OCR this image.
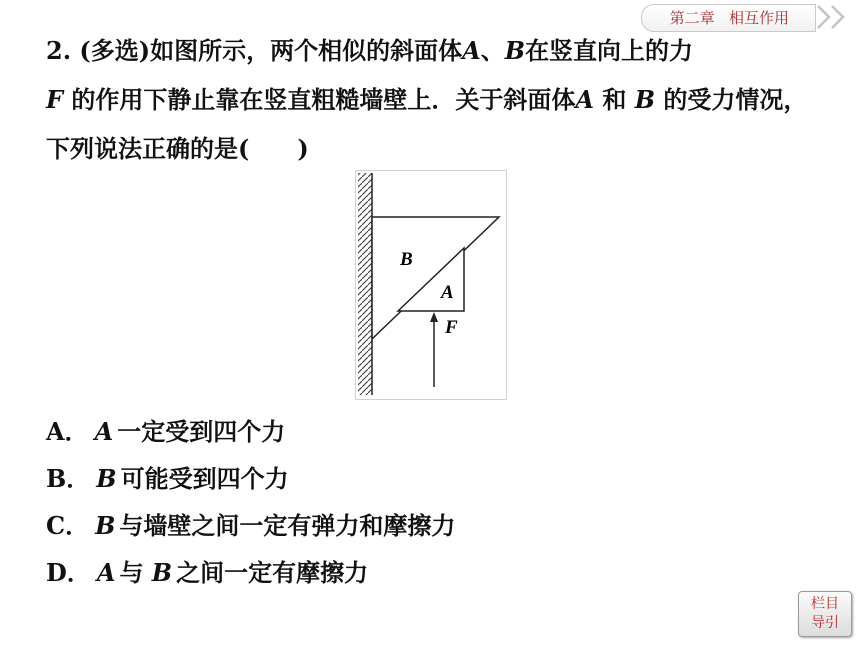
第二章 相互作用
2. (多选)如图所示，两个相似的斜面体A、B在竖直向上的力
F 的作用下静止靠在竖直粗糙墙壁上．关于斜面体A 和 B 的受力情况，下列说法正确的是(　　)
B
A
F
A． A 一定受到四个力
B． B 可能受到四个力
C． B 与墙壁之间一定有弹力和摩擦力
D． A 与 B 之间一定有摩擦力
栏目
导引
